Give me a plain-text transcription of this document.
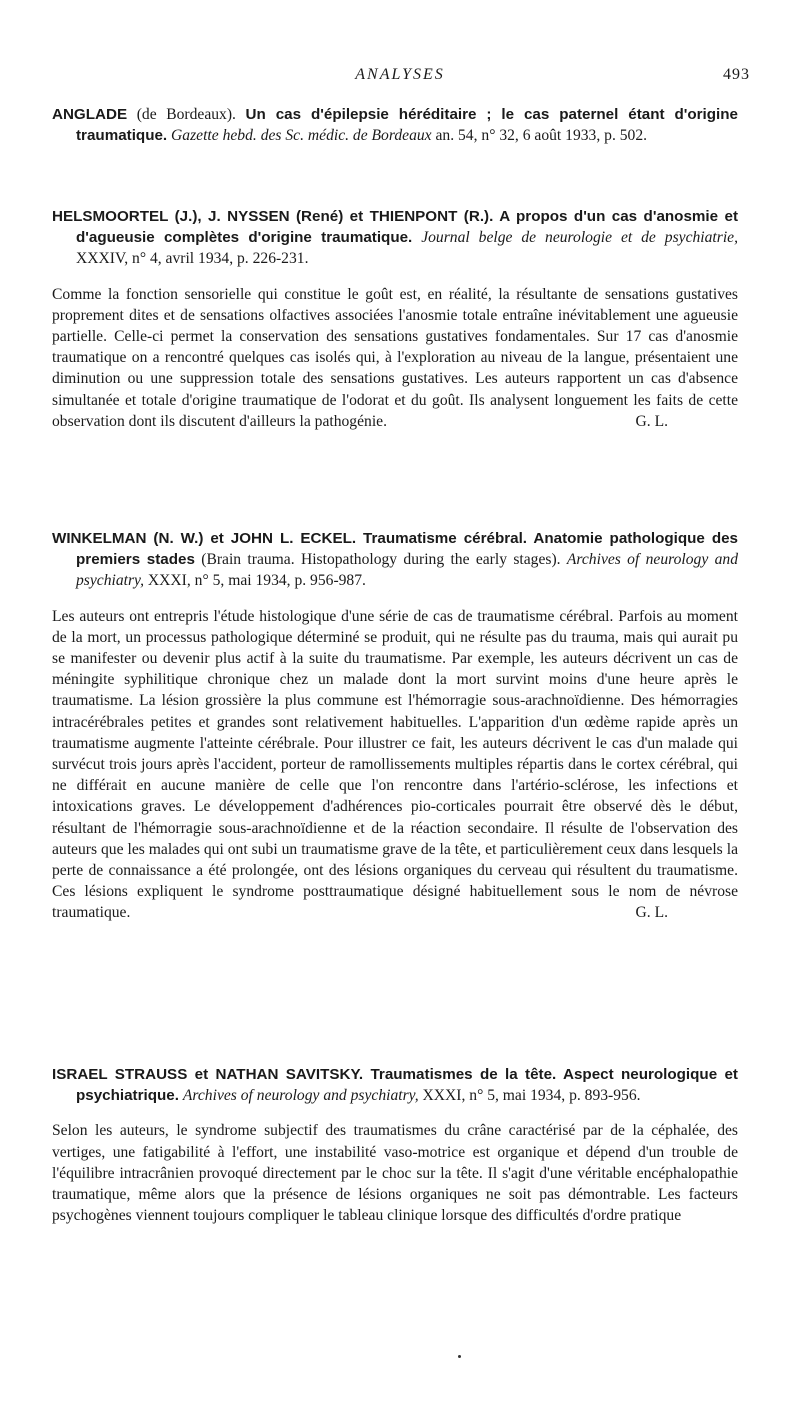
ANALYSES	493

ANGLADE (de Bordeaux). Un cas d'épilepsie héréditaire ; le cas paternel étant d'origine traumatique. Gazette hebd. des Sc. médic. de Bordeaux an. 54, n° 32, 6 août 1933, p. 502.

HELSMOORTEL (J.), J. NYSSEN (René) et THIENPONT (R.). A propos d'un cas d'anosmie et d'agueusie complètes d'origine traumatique. Journal belge de neurologie et de psychiatrie, XXXIV, n° 4, avril 1934, p. 226-231.

Comme la fonction sensorielle qui constitue le goût est, en réalité, la résultante de sensations gustatives proprement dites et de sensations olfactives associées l'anosmie totale entraîne inévitablement une agueusie partielle. Celle-ci permet la conservation des sensations gustatives fondamentales. Sur 17 cas d'anosmie traumatique on a rencontré quelques cas isolés qui, à l'exploration au niveau de la langue, présentaient une diminution ou une suppression totale des sensations gustatives. Les auteurs rapportent un cas d'absence simultanée et totale d'origine traumatique de l'odorat et du goût. Ils analysent longuement les faits de cette observation dont ils discutent d'ailleurs la pathogénie.	G. L.

WINKELMAN (N. W.) et JOHN L. ECKEL. Traumatisme cérébral. Anatomie pathologique des premiers stades (Brain trauma. Histopathology during the early stages). Archives of neurology and psychiatry, XXXI, n° 5, mai 1934, p. 956-987.

Les auteurs ont entrepris l'étude histologique d'une série de cas de traumatisme cérébral. Parfois au moment de la mort, un processus pathologique déterminé se produit, qui ne résulte pas du trauma, mais qui aurait pu se manifester ou devenir plus actif à la suite du traumatisme. Par exemple, les auteurs décrivent un cas de méningite syphilitique chronique chez un malade dont la mort survint moins d'une heure après le traumatisme. La lésion grossière la plus commune est l'hémorragie sous-arachnoïdienne. Des hémorragies intracérébrales petites et grandes sont relativement habituelles. L'apparition d'un œdème rapide après un traumatisme augmente l'atteinte cérébrale. Pour illustrer ce fait, les auteurs décrivent le cas d'un malade qui survécut trois jours après l'accident, porteur de ramollissements multiples répartis dans le cortex cérébral, qui ne différait en aucune manière de celle que l'on rencontre dans l'artério-sclérose, les infections et intoxications graves. Le développement d'adhérences pio-corticales pourrait être observé dès le début, résultant de l'hémorragie sous-arachnoïdienne et de la réaction secondaire. Il résulte de l'observation des auteurs que les malades qui ont subi un traumatisme grave de la tête, et particulièrement ceux dans lesquels la perte de connaissance a été prolongée, ont des lésions organiques du cerveau qui résultent du traumatisme. Ces lésions expliquent le syndrome posttraumatique désigné habituellement sous le nom de névrose traumatique.	G. L.

ISRAEL STRAUSS et NATHAN SAVITSKY. Traumatismes de la tête. Aspect neurologique et psychiatrique. Archives of neurology and psychiatry, XXXI, n° 5, mai 1934, p. 893-956.

Selon les auteurs, le syndrome subjectif des traumatismes du crâne caractérisé par de la céphalée, des vertiges, une fatigabilité à l'effort, une instabilité vaso-motrice est organique et dépend d'un trouble de l'équilibre intracrânien provoqué directement par le choc sur la tête. Il s'agit d'une véritable encéphalopathie traumatique, même alors que la présence de lésions organiques ne soit pas démontrable. Les facteurs psychogènes viennent toujours compliquer le tableau clinique lorsque des difficultés d'ordre pratique
